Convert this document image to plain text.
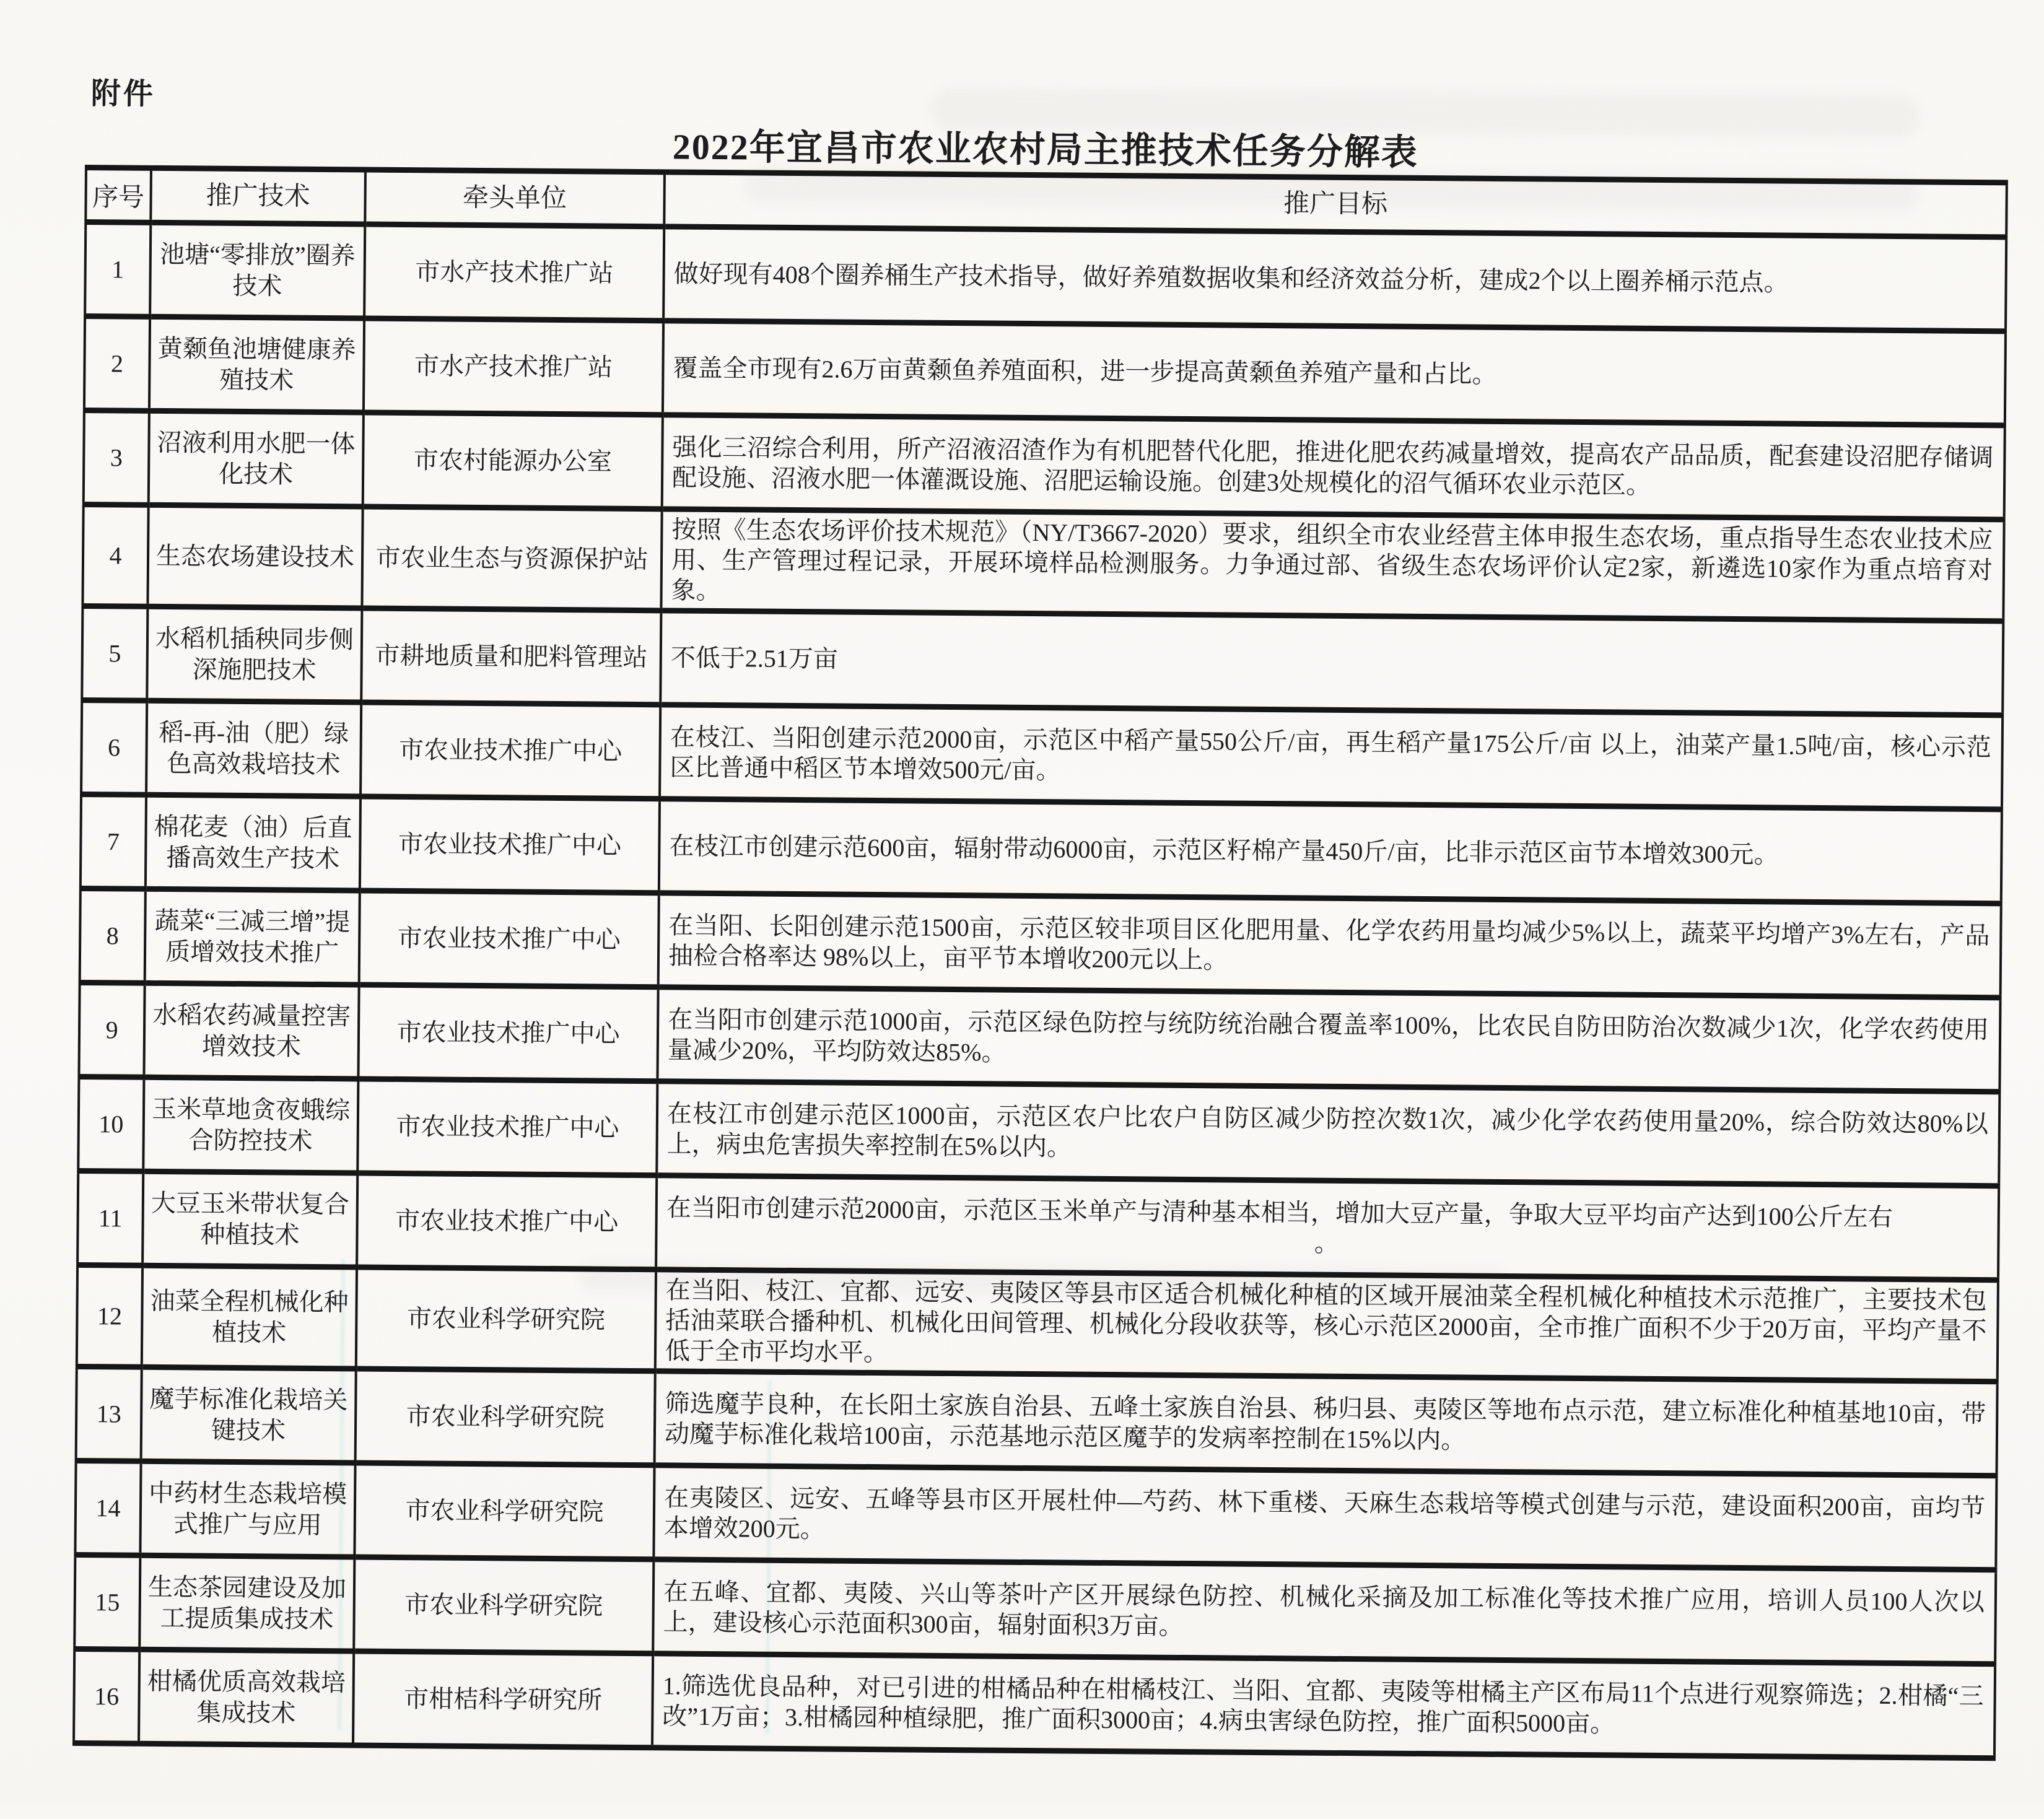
附件
2022年宜昌市农业农村局主推技术任务分解表
序号	推广技术	牵头单位	推广目标
1	池塘“零排放”圈养技术	市水产技术推广站	做好现有408个圈养桶生产技术指导，做好养殖数据收集和经济效益分析，建成2个以上圈养桶示范点。
2	黄颡鱼池塘健康养殖技术	市水产技术推广站	覆盖全市现有2.6万亩黄颡鱼养殖面积，进一步提高黄颡鱼养殖产量和占比。
3	沼液利用水肥一体化技术	市农村能源办公室	强化三沼综合利用，所产沼液沼渣作为有机肥替代化肥，推进化肥农药减量增效，提高农产品品质，配套建设沼肥存储调配设施、沼液水肥一体灌溉设施、沼肥运输设施。创建3处规模化的沼气循环农业示范区。
4	生态农场建设技术	市农业生态与资源保护站	按照《生态农场评价技术规范》（NY/T3667-2020）要求，组织全市农业经营主体申报生态农场，重点指导生态农业技术应用、生产管理过程记录，开展环境样品检测服务。力争通过部、省级生态农场评价认定2家，新遴选10家作为重点培育对象。
5	水稻机插秧同步侧深施肥技术	市耕地质量和肥料管理站	不低于2.51万亩
6	稻-再-油（肥）绿色高效栽培技术	市农业技术推广中心	在枝江、当阳创建示范2000亩，示范区中稻产量550公斤/亩，再生稻产量175公斤/亩 以上，油菜产量1.5吨/亩，核心示范区比普通中稻区节本增效500元/亩。
7	棉花麦（油）后直播高效生产技术	市农业技术推广中心	在枝江市创建示范600亩，辐射带动6000亩，示范区籽棉产量450斤/亩，比非示范区亩节本增效300元。
8	蔬菜“三减三增”提质增效技术推广	市农业技术推广中心	在当阳、长阳创建示范1500亩，示范区较非项目区化肥用量、化学农药用量均减少5%以上，蔬菜平均增产3%左右，产品抽检合格率达 98%以上，亩平节本增收200元以上。
9	水稻农药减量控害增效技术	市农业技术推广中心	在当阳市创建示范1000亩，示范区绿色防控与统防统治融合覆盖率100%，比农民自防田防治次数减少1次，化学农药使用量减少20%，平均防效达85%。
10	玉米草地贪夜蛾综合防控技术	市农业技术推广中心	在枝江市创建示范区1000亩，示范区农户比农户自防区减少防控次数1次，减少化学农药使用量20%，综合防效达80%以上，病虫危害损失率控制在5%以内。
11	大豆玉米带状复合种植技术	市农业技术推广中心	在当阳市创建示范2000亩，示范区玉米单产与清种基本相当，增加大豆产量，争取大豆平均亩产达到100公斤左右
。

12	油菜全程机械化种植技术	市农业科学研究院	在当阳、枝江、宜都、远安、夷陵区等县市区适合机械化种植的区域开展油菜全程机械化种植技术示范推广，主要技术包括油菜联合播种机、机械化田间管理、机械化分段收获等，核心示范区2000亩，全市推广面积不少于20万亩，平均产量不低于全市平均水平。
13	魔芋标准化栽培关键技术	市农业科学研究院	筛选魔芋良种，在长阳土家族自治县、五峰土家族自治县、秭归县、夷陵区等地布点示范，建立标准化种植基地10亩，带动魔芋标准化栽培100亩，示范基地示范区魔芋的发病率控制在15%以内。
14	中药材生态栽培模式推广与应用	市农业科学研究院	在夷陵区、远安、五峰等县市区开展杜仲—芍药、林下重楼、天麻生态栽培等模式创建与示范，建设面积200亩，亩均节本增效200元。
15	生态茶园建设及加工提质集成技术	市农业科学研究院	在五峰、宜都、夷陵、兴山等茶叶产区开展绿色防控、机械化采摘及加工标准化等技术推广应用，培训人员100人次以上，建设核心示范面积300亩，辐射面积3万亩。
16	柑橘优质高效栽培集成技术	市柑桔科学研究所	1.筛选优良品种，对已引进的柑橘品种在柑橘枝江、当阳、宜都、夷陵等柑橘主产区布局11个点进行观察筛选；2.柑橘“三改”1万亩；3.柑橘园种植绿肥，推广面积3000亩；4.病虫害绿色防控，推广面积5000亩。
